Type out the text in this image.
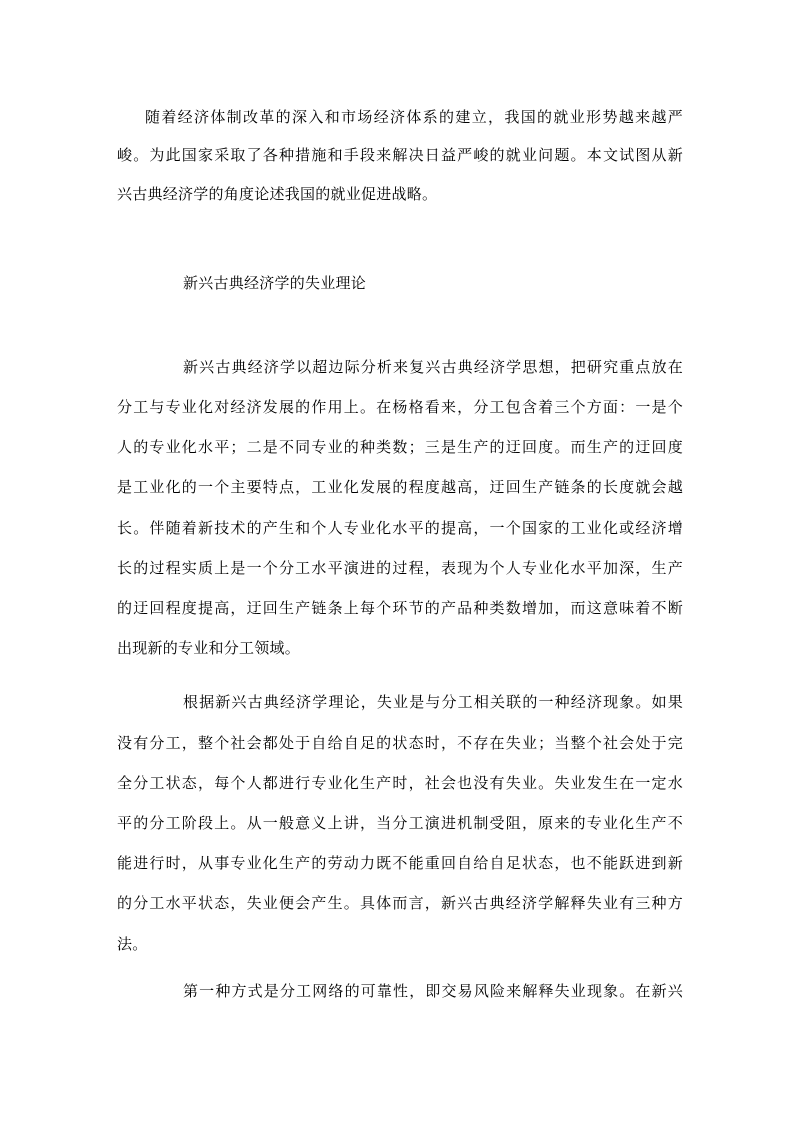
随着经济体制改革的深入和市场经济体系的建立，我国的就业形势越来越严
峻。为此国家采取了各种措施和手段来解决日益严峻的就业问题。本文试图从新
兴古典经济学的角度论述我国的就业促进战略。
新兴古典经济学的失业理论
新兴古典经济学以超边际分析来复兴古典经济学思想，把研究重点放在
分工与专业化对经济发展的作用上。在杨格看来，分工包含着三个方面：一是个
人的专业化水平；二是不同专业的种类数；三是生产的迂回度。而生产的迂回度
是工业化的一个主要特点，工业化发展的程度越高，迂回生产链条的长度就会越
长。伴随着新技术的产生和个人专业化水平的提高，一个国家的工业化或经济增
长的过程实质上是一个分工水平演进的过程，表现为个人专业化水平加深，生产
的迂回程度提高，迂回生产链条上每个环节的产品种类数增加，而这意味着不断
出现新的专业和分工领域。
根据新兴古典经济学理论，失业是与分工相关联的一种经济现象。如果
没有分工，整个社会都处于自给自足的状态时，不存在失业；当整个社会处于完
全分工状态，每个人都进行专业化生产时，社会也没有失业。失业发生在一定水
平的分工阶段上。从一般意义上讲，当分工演进机制受阻，原来的专业化生产不
能进行时，从事专业化生产的劳动力既不能重回自给自足状态，也不能跃进到新
的分工水平状态，失业便会产生。具体而言，新兴古典经济学解释失业有三种方
法。
第一种方式是分工网络的可靠性，即交易风险来解释失业现象。在新兴
